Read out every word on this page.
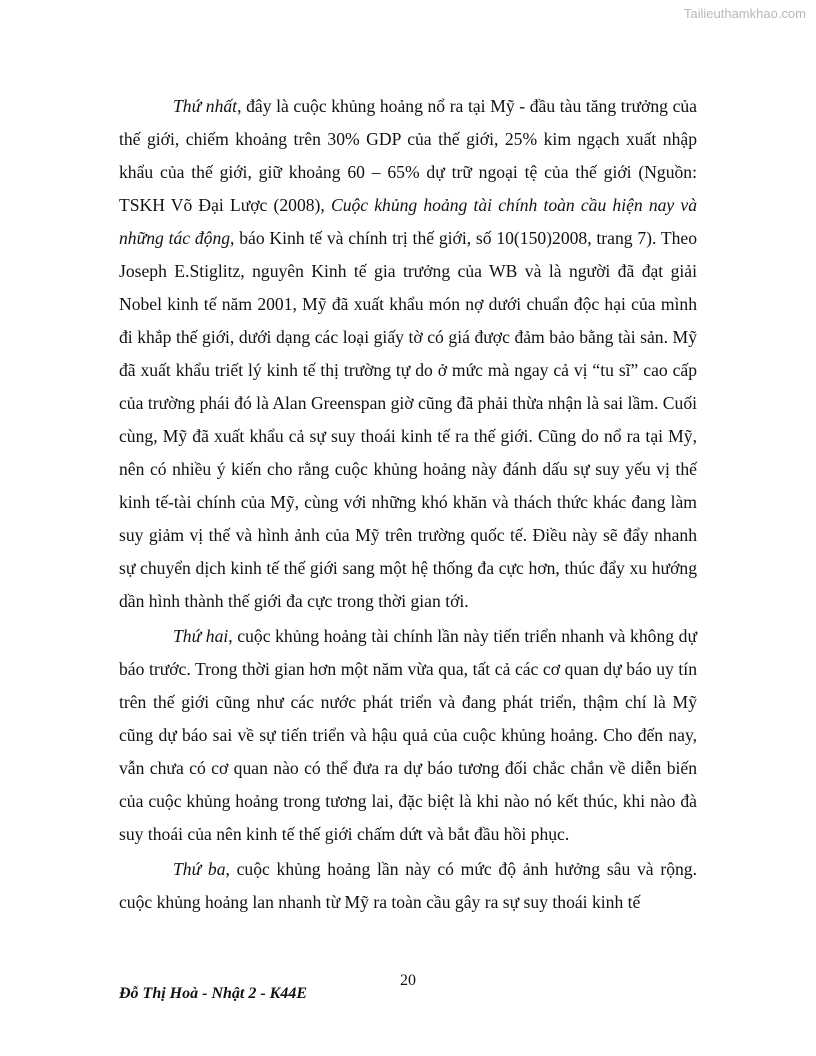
Tailieuthamkhao.com

Thứ nhất, đây là cuộc khủng hoảng nổ ra tại Mỹ - đầu tàu tăng trưởng của thế giới, chiếm khoảng trên 30% GDP của thế giới, 25% kim ngạch xuất nhập khẩu của thế giới, giữ khoảng 60 – 65% dự trữ ngoại tệ của thế giới (Nguồn: TSKH Võ Đại Lược (2008), Cuộc khủng hoảng tài chính toàn cầu hiện nay và những tác động, báo Kinh tế và chính trị thế giới, số 10(150)2008, trang 7). Theo Joseph E.Stiglitz, nguyên Kinh tế gia trưởng của WB và là người đã đạt giải Nobel kinh tế năm 2001, Mỹ đã xuất khẩu món nợ dưới chuẩn độc hại của mình đi khắp thế giới, dưới dạng các loại giấy tờ có giá được đảm bảo bằng tài sản. Mỹ đã xuất khẩu triết lý kinh tế thị trường tự do ở mức mà ngay cả vị “tu sĩ” cao cấp của trường phái đó là Alan Greenspan giờ cũng đã phải thừa nhận là sai lầm. Cuối cùng, Mỹ đã xuất khẩu cả sự suy thoái kinh tế ra thế giới. Cũng do nổ ra tại Mỹ, nên có nhiều ý kiến cho rằng cuộc khủng hoảng này đánh dấu sự suy yếu vị thế kinh tế-tài chính của Mỹ, cùng với những khó khăn và thách thức khác đang làm suy giảm vị thế và hình ảnh của Mỹ trên trường quốc tế. Điều này sẽ đẩy nhanh sự chuyển dịch kinh tế thế giới sang một hệ thống đa cực hơn, thúc đẩy xu hướng dần hình thành thế giới đa cực trong thời gian tới.

Thứ hai, cuộc khủng hoảng tài chính lần này tiến triển nhanh và không dự báo trước. Trong thời gian hơn một năm vừa qua, tất cả các cơ quan dự báo uy tín trên thế giới cũng như các nước phát triển và đang phát triển, thậm chí là Mỹ cũng dự báo sai về sự tiến triển và hậu quả của cuộc khủng hoảng. Cho đến nay, vẫn chưa có cơ quan nào có thể đưa ra dự báo tương đối chắc chắn về diễn biến của cuộc khủng hoảng trong tương lai, đặc biệt là khi nào nó kết thúc, khi nào đà suy thoái của nên kinh tế thế giới chấm dứt và bắt đầu hồi phục.

Thứ ba, cuộc khủng hoảng lần này có mức độ ảnh hưởng sâu và rộng. cuộc khủng hoảng lan nhanh từ Mỹ ra toàn cầu gây ra sự suy thoái kinh tế

20
Đỗ Thị Hoà - Nhật 2 - K44E
